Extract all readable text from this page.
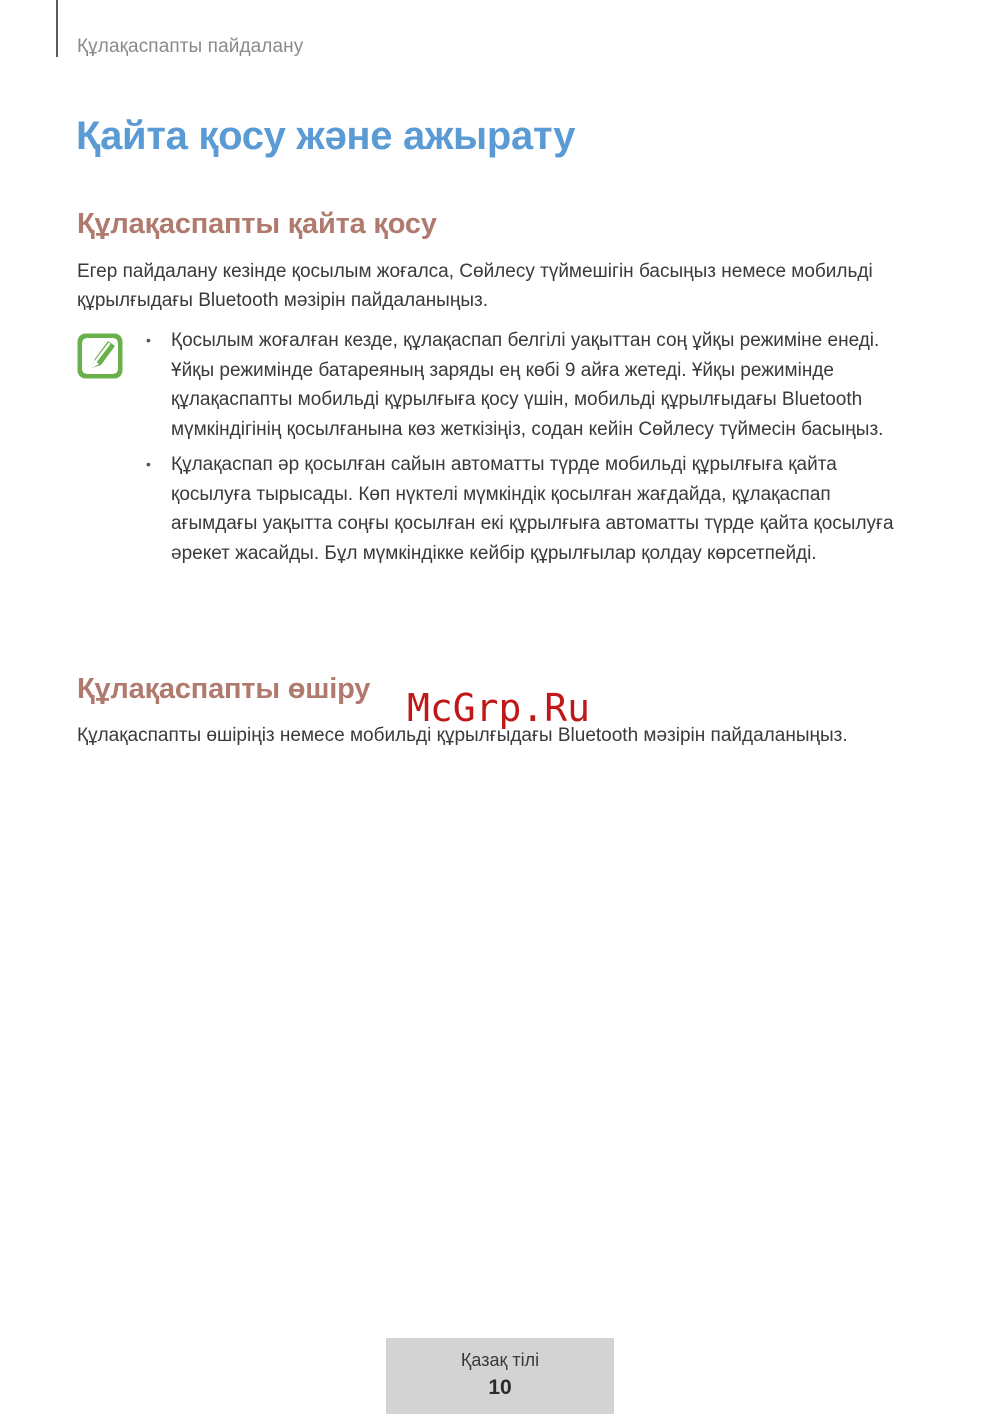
Құлақаспапты пайдалану
Қайта қосу және ажырату
Құлақаспапты қайта қосу

Егер пайдалану кезінде қосылым жоғалса, Сөйлесу түймешігін басыңыз немесе мобильді құрылғыдағы Bluetooth мәзірін пайдаланыңыз.

• Қосылым жоғалған кезде, құлақаспап белгілі уақыттан соң ұйқы режиміне енеді. Ұйқы режимінде батареяның заряды ең көбі 9 айға жетеді. Ұйқы режимінде құлақаспапты мобильді құрылғыға қосу үшін, мобильді құрылғыдағы Bluetooth мүмкіндігінің қосылғанына көз жеткізіңіз, содан кейін Сөйлесу түймесін басыңыз.
• Құлақаспап әр қосылған сайын автоматты түрде мобильді құрылғыға қайта қосылуға тырысады. Көп нүктелі мүмкіндік қосылған жағдайда, құлақаспап ағымдағы уақытта соңғы қосылған екі құрылғыға автоматты түрде қайта қосылуға әрекет жасайды. Бұл мүмкіндікке кейбір құрылғылар қолдау көрсетпейді.
Құлақаспапты өшіру McGrp.Ru

Құлақаспапты өшіріңіз немесе мобильді құрылғыдағы Bluetooth мәзірін пайдаланыңыз.

Қазақ тілі
10
